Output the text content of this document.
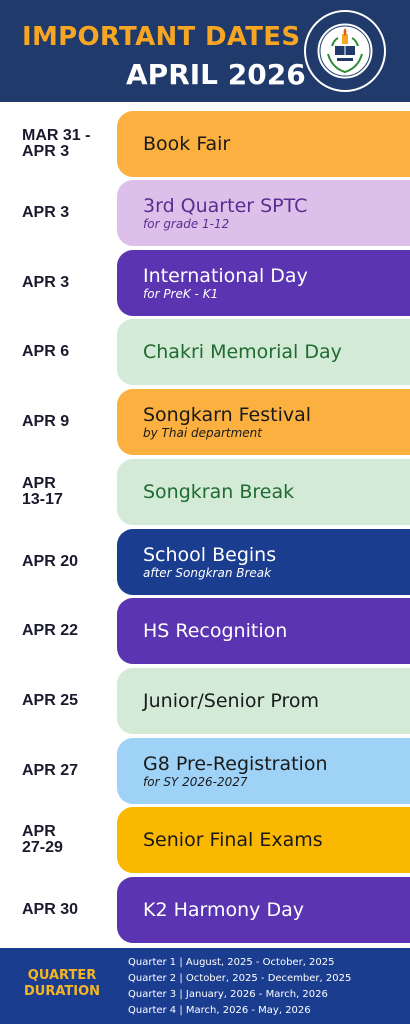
IMPORTANT DATES
APRIL 2026
MAR 31 -
APR 3	Book Fair
APR 3	3rd Quarter SPTC
for grade 1-12
APR 3	International Day
for PreK - K1
APR 6	Chakri Memorial Day
APR 9	Songkarn Festival
by Thai department
APR
13-17	Songkran Break
APR 20	School Begins
after Songkran Break
APR 22	HS Recognition
APR 25	Junior/Senior Prom
APR 27	G8 Pre-Registration
for SY 2026-2027
APR
27-29	Senior Final Exams
APR 30	K2 Harmony Day
QUARTER
DURATION
Quarter 1 | August, 2025 - October, 2025
Quarter 2 | October, 2025 - December, 2025
Quarter 3 | January, 2026 - March, 2026
Quarter 4 | March, 2026 - May, 2026
